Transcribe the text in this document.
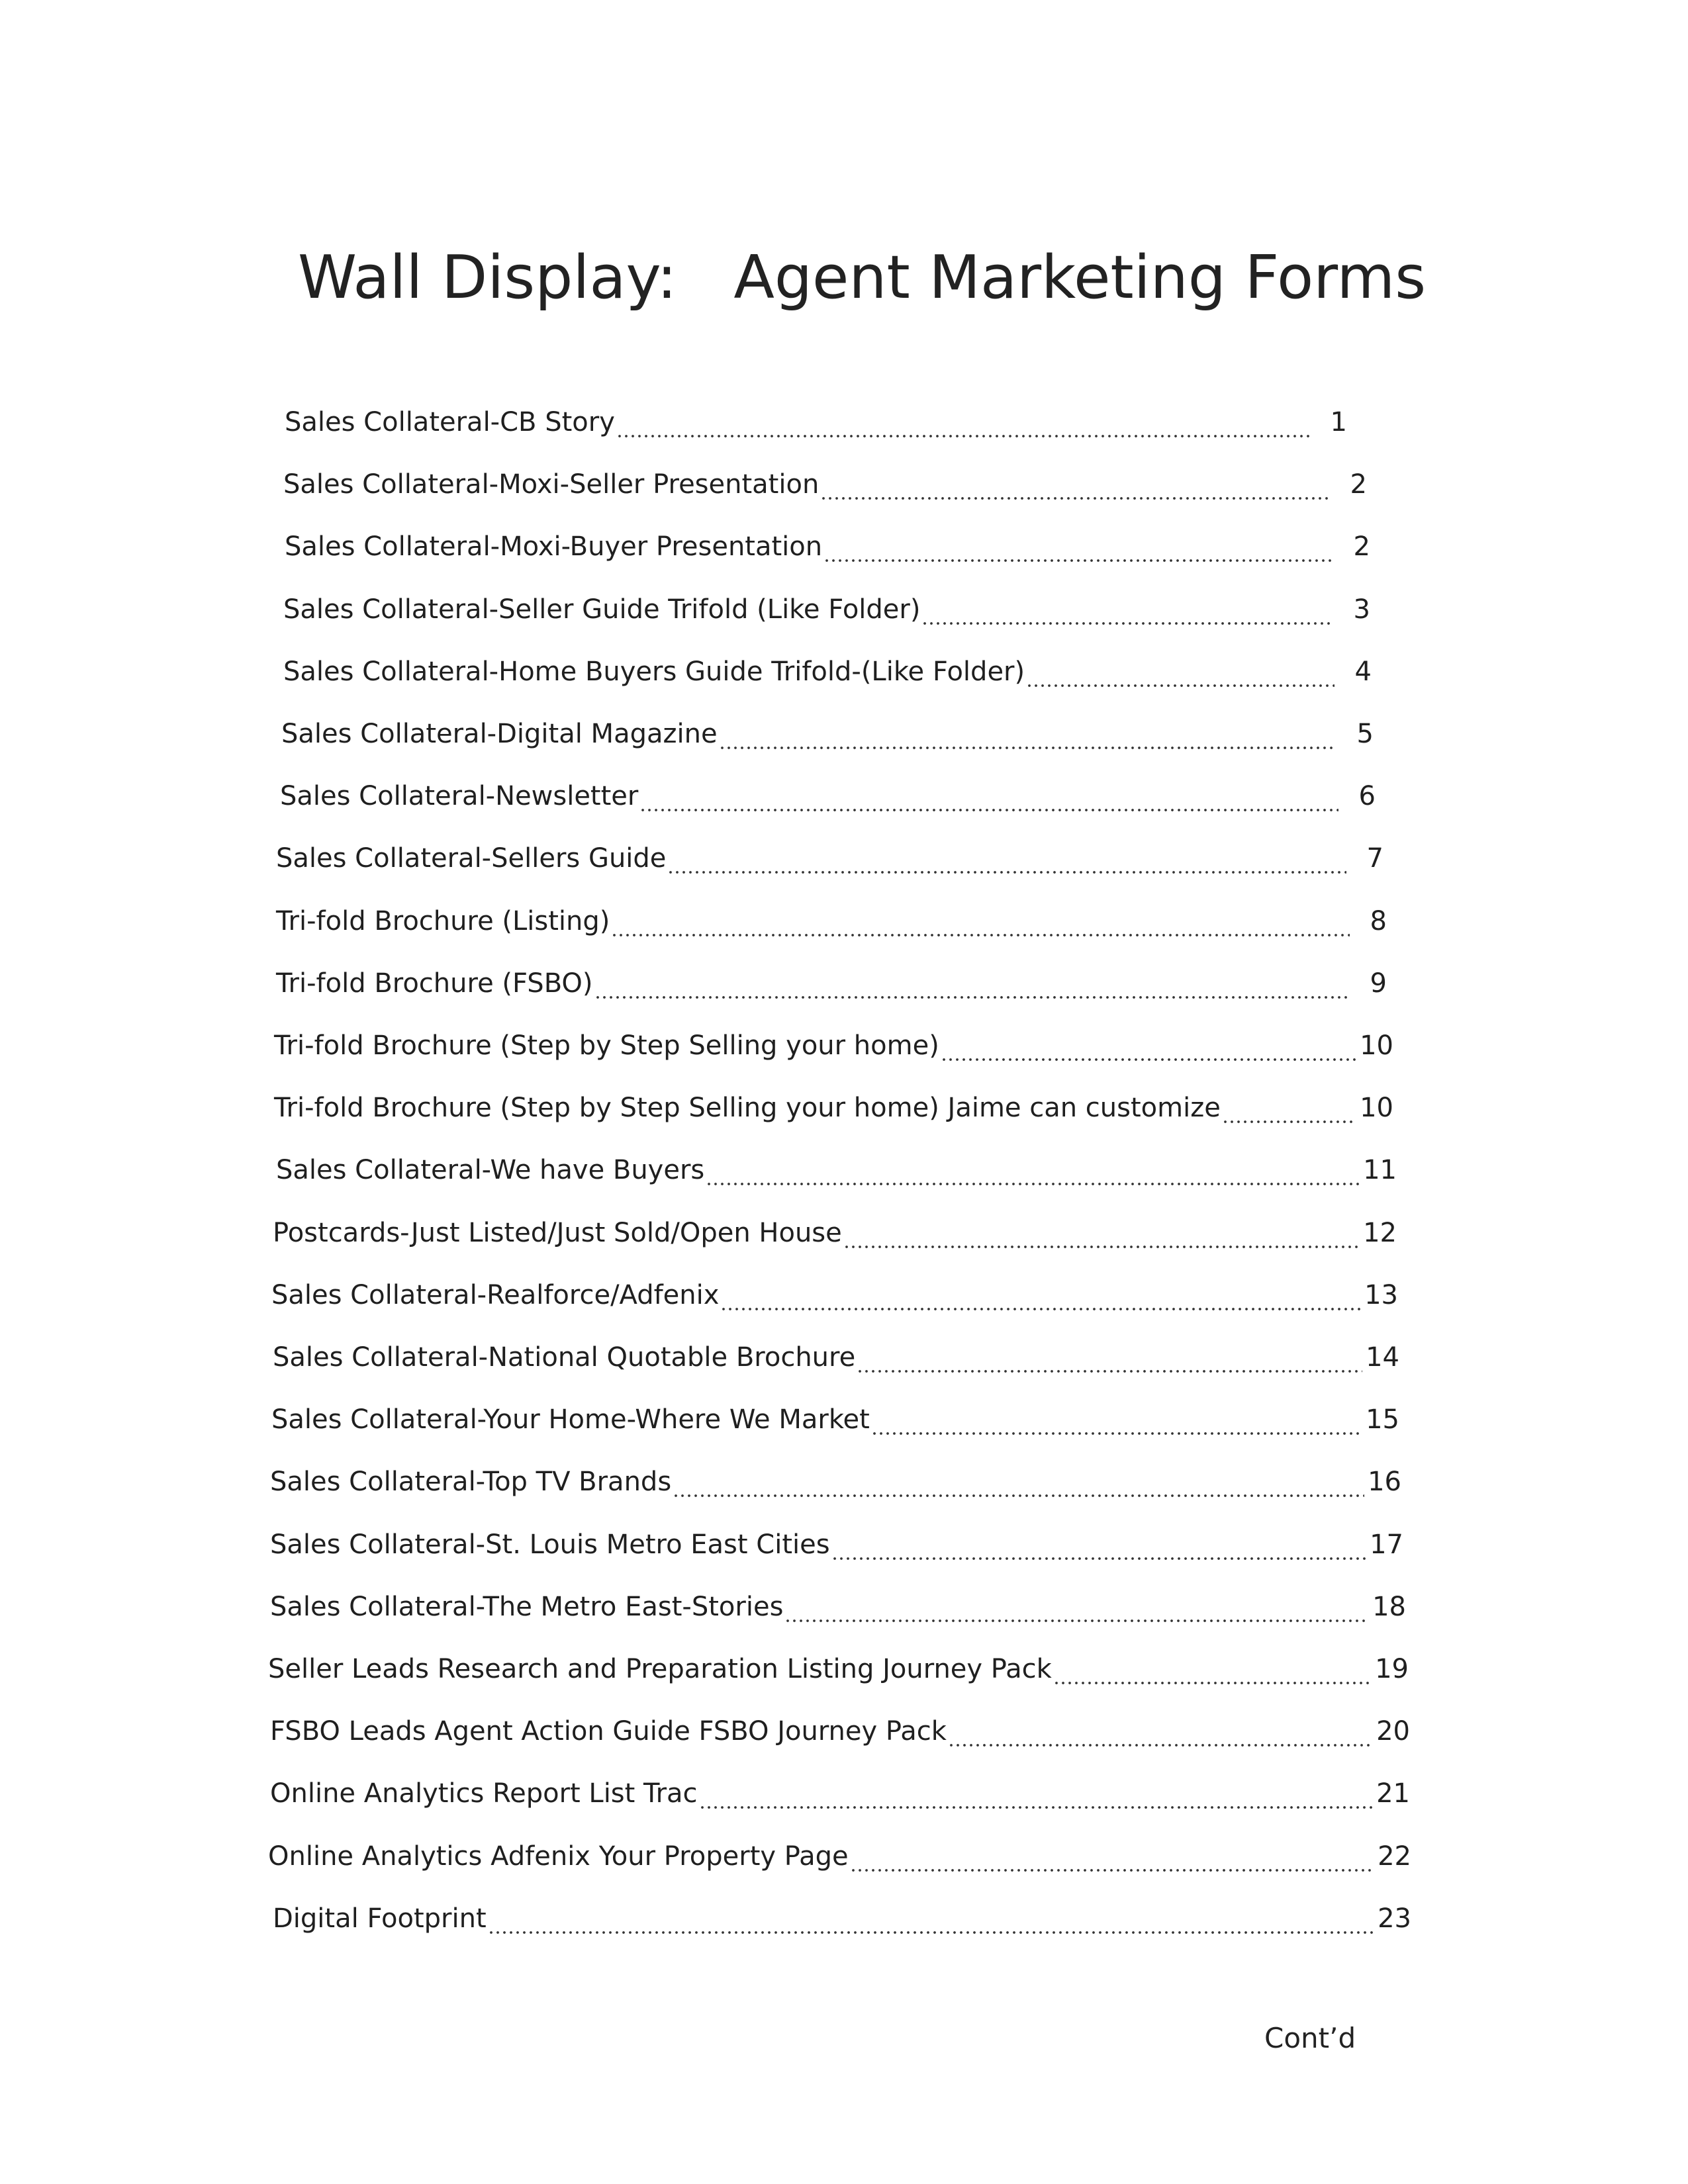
Wall Display:   Agent Marketing Forms
Sales Collateral-CB Story	1
Sales Collateral-Moxi-Seller Presentation	2
Sales Collateral-Moxi-Buyer Presentation	2
Sales Collateral-Seller Guide Trifold (Like Folder)	3
Sales Collateral-Home Buyers Guide Trifold-(Like Folder)	4
Sales Collateral-Digital Magazine	5
Sales Collateral-Newsletter	6
Sales Collateral-Sellers Guide	7
Tri-fold Brochure (Listing)	8
Tri-fold Brochure (FSBO)	9
Tri-fold Brochure (Step by Step Selling your home)	10
Tri-fold Brochure (Step by Step Selling your home) Jaime can customize	10
Sales Collateral-We have Buyers	11
Postcards-Just Listed/Just Sold/Open House	12
Sales Collateral-Realforce/Adfenix	13
Sales Collateral-National Quotable Brochure	14
Sales Collateral-Your Home-Where We Market	15
Sales Collateral-Top TV Brands	16
Sales Collateral-St. Louis Metro East Cities	17
Sales Collateral-The Metro East-Stories	18
Seller Leads Research and Preparation Listing Journey Pack	19
FSBO Leads Agent Action Guide FSBO Journey Pack	20
Online Analytics Report List Trac	21
Online Analytics Adfenix Your Property Page	22
Digital Footprint	23
Cont’d
